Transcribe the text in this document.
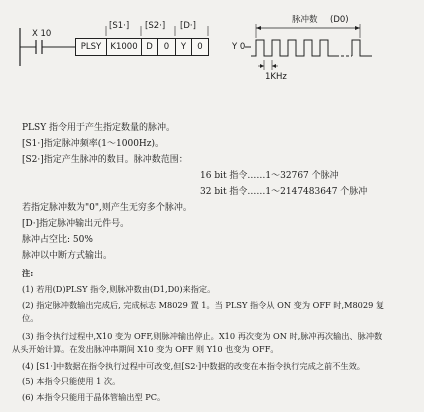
X 10
[S1·] [S2·] [D·]
PLSY	K1000	D	0	Y	0	Y 0
脉冲数 (D0)
1KHz
PLSY 指令用于产生指定数量的脉冲。
[S1·]指定脉冲频率(1～1000Hz)。
[S2·]指定产生脉冲的数目。脉冲数范围：
16 bit 指令……1～32767 个脉冲
32 bit 指令……1～2147483647 个脉冲
若指定脉冲数为"0",则产生无穷多个脉冲。
[D·]指定脉冲输出元件号。
脉冲占空比: 50%
脉冲以中断方式输出。
注:
(1) 若用(D)PLSY 指令,则脉冲数由(D1,D0)来指定。
(2) 指定脉冲数输出完成后, 完成标志 M8029 置 1。当 PLSY 指令从 ON 变为 OFF 时,M8029 复
位。
(3) 指令执行过程中,X10 变为 OFF,则脉冲输出停止。X10 再次变为 ON 时,脉冲再次输出、脉冲数
从头开始计算。在发出脉冲串期间 X10 变为 OFF 则 Y10 也变为 OFF。
(4) [S1·]中数据在指令执行过程中可改变,但[S2·]中数据的改变在本指令执行完成之前不生效。
(5) 本指令只能使用 1 次。
(6) 本指令只能用于晶体管输出型 PC。
